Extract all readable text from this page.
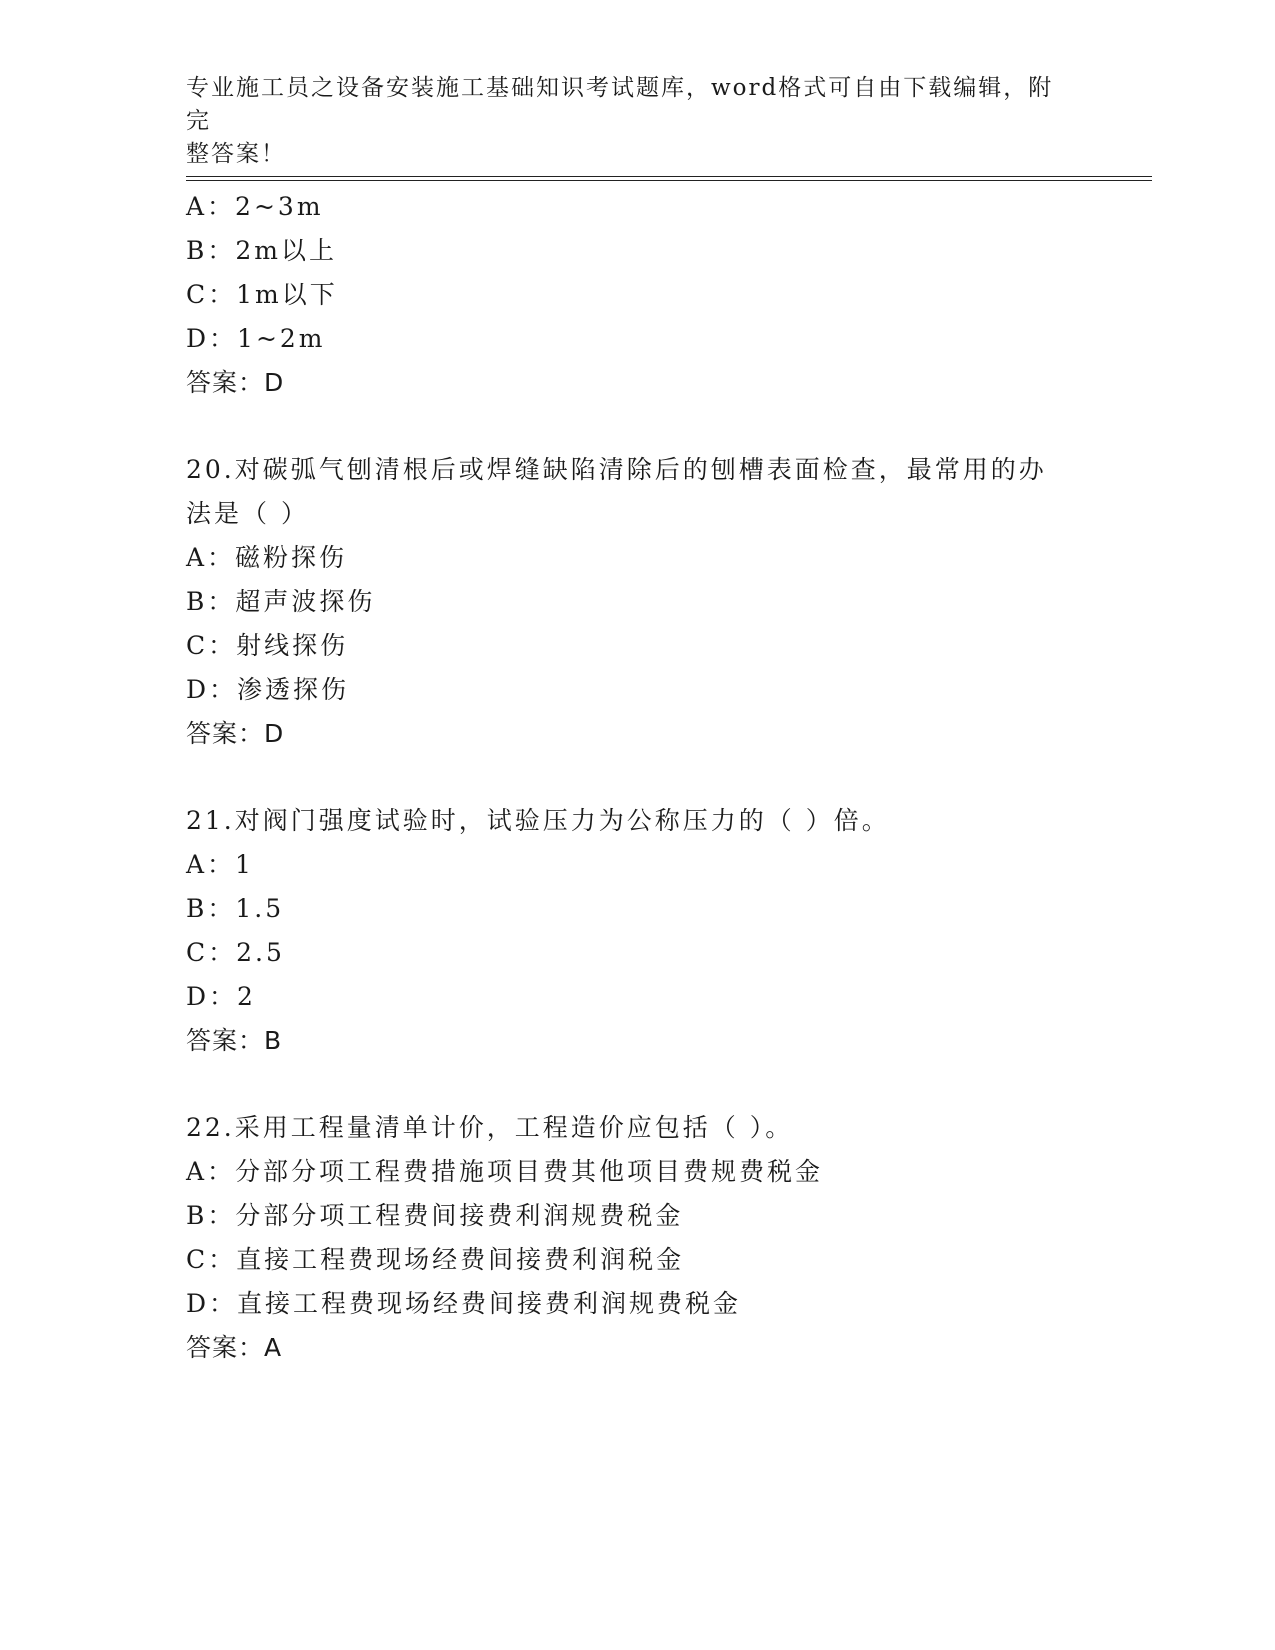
专业施工员之设备安装施工基础知识考试题库，word格式可自由下载编辑，附完
整答案！
A：2~3m
B：2m以上
C：1m以下
D：1~2m
答案：D
20.对碳弧气刨清根后或焊缝缺陷清除后的刨槽表面检查，最常用的办
法是（ ）
A：磁粉探伤
B：超声波探伤
C：射线探伤
D：渗透探伤
答案：D
21.对阀门强度试验时，试验压力为公称压力的（ ）倍。
A：1
B：1.5
C：2.5
D：2
答案：B
22.采用工程量清单计价，工程造价应包括（ ）。
A：分部分项工程费措施项目费其他项目费规费税金
B：分部分项工程费间接费利润规费税金
C：直接工程费现场经费间接费利润税金
D：直接工程费现场经费间接费利润规费税金
答案：A
